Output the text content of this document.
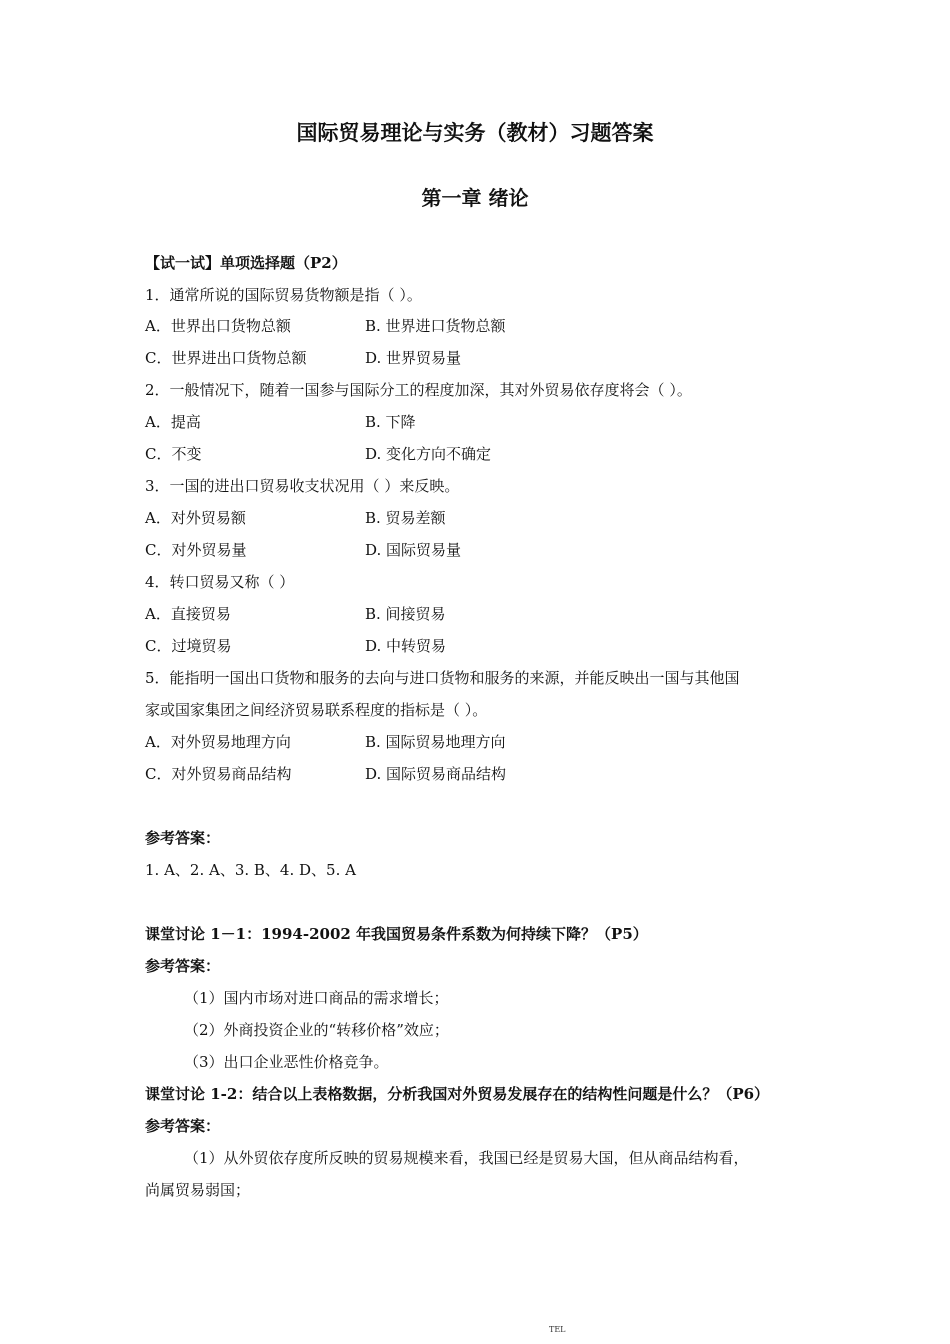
国际贸易理论与实务（教材）习题答案
第一章 绪论
【试一试】单项选择题（P2）
1．通常所说的国际贸易货物额是指（ ）。
A．世界出口货物总额	B. 世界进口货物总额
C．世界进出口货物总额	D. 世界贸易量
2．一般情况下，随着一国参与国际分工的程度加深，其对外贸易依存度将会（ ）。
A．提高	B. 下降
C．不变	D. 变化方向不确定
3．一国的进出口贸易收支状况用（ ）来反映。
A．对外贸易额	B. 贸易差额
C．对外贸易量	D. 国际贸易量
4．转口贸易又称（ ）
A．直接贸易	B. 间接贸易
C．过境贸易	D. 中转贸易
5．能指明一国出口货物和服务的去向与进口货物和服务的来源，并能反映出一国与其他国
家或国家集团之间经济贸易联系程度的指标是（ ）。
A．对外贸易地理方向	B. 国际贸易地理方向
C．对外贸易商品结构	D. 国际贸易商品结构
参考答案：
1. A、2. A、3. B、4. D、5. A
课堂讨论 1－1：1994-2002 年我国贸易条件系数为何持续下降？（P5）
参考答案：
（1）国内市场对进口商品的需求增长；
（2）外商投资企业的“转移价格”效应；
（3）出口企业恶性价格竞争。
课堂讨论 1-2：结合以上表格数据，分析我国对外贸易发展存在的结构性问题是什么？（P6）
参考答案：
（1）从外贸依存度所反映的贸易规模来看，我国已经是贸易大国，但从商品结构看，
尚属贸易弱国；
TEL
